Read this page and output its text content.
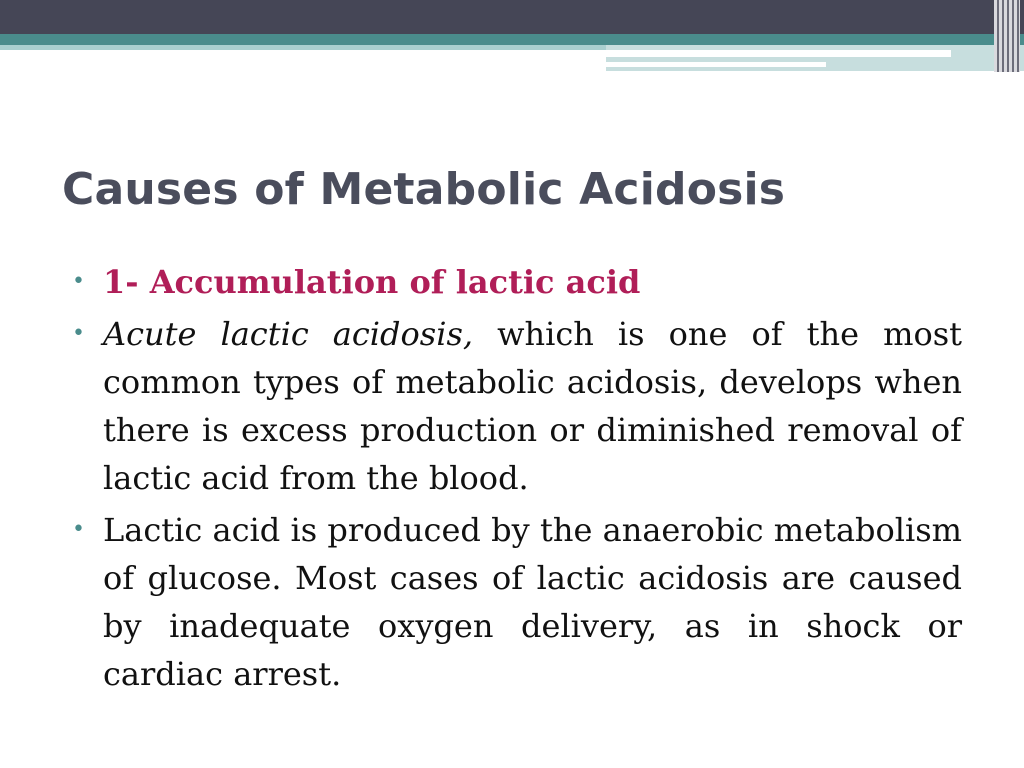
Causes of Metabolic Acidosis
• 1- Accumulation of lactic acid
• Acute lactic acidosis, which is one of the most common types of metabolic acidosis, develops when there is excess production or diminished removal of lactic acid from the blood.
• Lactic acid is produced by the anaerobic metabolism of glucose. Most cases of lactic acidosis are caused by inadequate oxygen delivery, as in shock or cardiac arrest.
